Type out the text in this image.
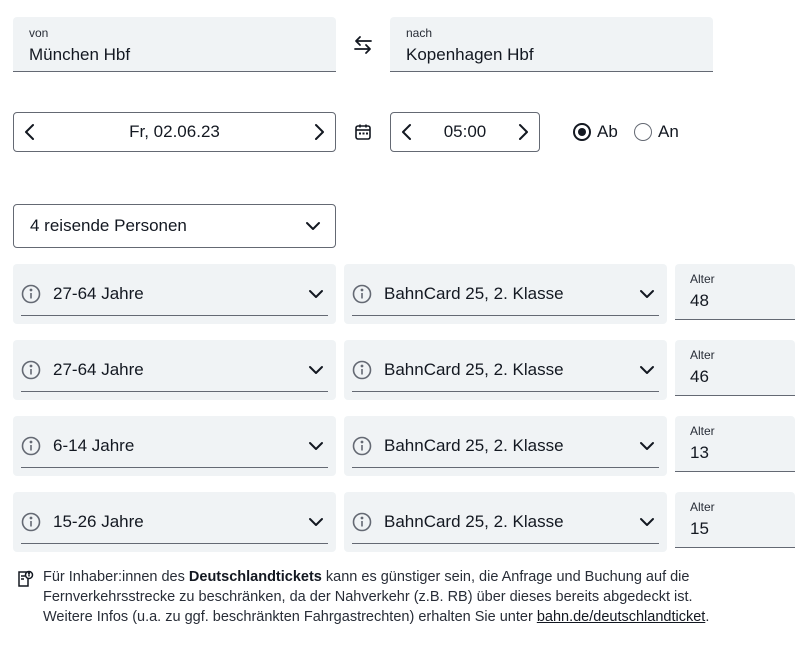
von
München Hbf
nach
Kopenhagen Hbf
Fr, 02.06.23	05:00	Ab An
4 reisende Personen
27-64 Jahre	BahnCard 25, 2. Klasse
Alter
48
27-64 Jahre	BahnCard 25, 2. Klasse
Alter
46
6-14 Jahre	BahnCard 25, 2. Klasse
Alter
13
15-26 Jahre	BahnCard 25, 2. Klasse
Alter
15
Für Inhaber:innen des Deutschlandtickets kann es günstiger sein, die Anfrage und Buchung auf die Fernverkehrsstrecke zu beschränken, da der Nahverkehr (z.B. RB) über dieses bereits abgedeckt ist. Weitere Infos (u.a. zu ggf. beschränkten Fahrgastrechten) erhalten Sie unter bahn.de/deutschlandticket.
